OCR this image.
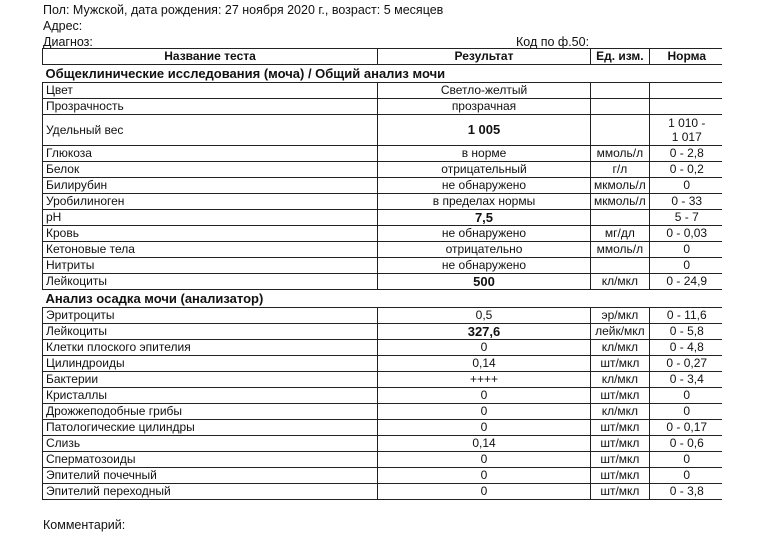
Пол: Мужской, дата рождения: 27 ноября 2020 г., возраст: 5 месяцев
Адрес:
Диагноз:	Код по ф.50:
Название теста	Результат	Ед. изм.	Норма
Общеклинические исследования (моча) / Общий анализ мочи			
Цвет	Светло-желтый		
Прозрачность	прозрачная		
Удельный вес	1 005		1 010 -
1 017

Глюкоза	в норме	ммоль/л	0 - 2,8
Белок	отрицательный	г/л	0 - 0,2
Билирубин	не обнаружено	мкмоль/л	0
Уробилиноген	в пределах нормы	мкмоль/л	0 - 33
pH	7,5		5 - 7
Кровь	не обнаружено	мг/дл	0 - 0,03
Кетоновые тела	отрицательно	ммоль/л	0
Нитриты	не обнаружено		0
Лейкоциты	500	кл/мкл	0 - 24,9
Анализ осадка мочи (анализатор)			
Эритроциты	0,5	эр/мкл	0 - 11,6
Лейкоциты	327,6	лейк/мкл	0 - 5,8
Клетки плоского эпителия	0	кл/мкл	0 - 4,8
Цилиндроиды	0,14	шт/мкл	0 - 0,27
Бактерии	++++	кл/мкл	0 - 3,4
Кристаллы	0	шт/мкл	0
Дрожжеподобные грибы	0	кл/мкл	0
Патологические цилиндры	0	шт/мкл	0 - 0,17
Слизь	0,14	шт/мкл	0 - 0,6
Сперматозоиды	0	шт/мкл	0
Эпителий почечный	0	шт/мкл	0
Эпителий переходный	0	шт/мкл	0 - 3,8
Комментарий:
